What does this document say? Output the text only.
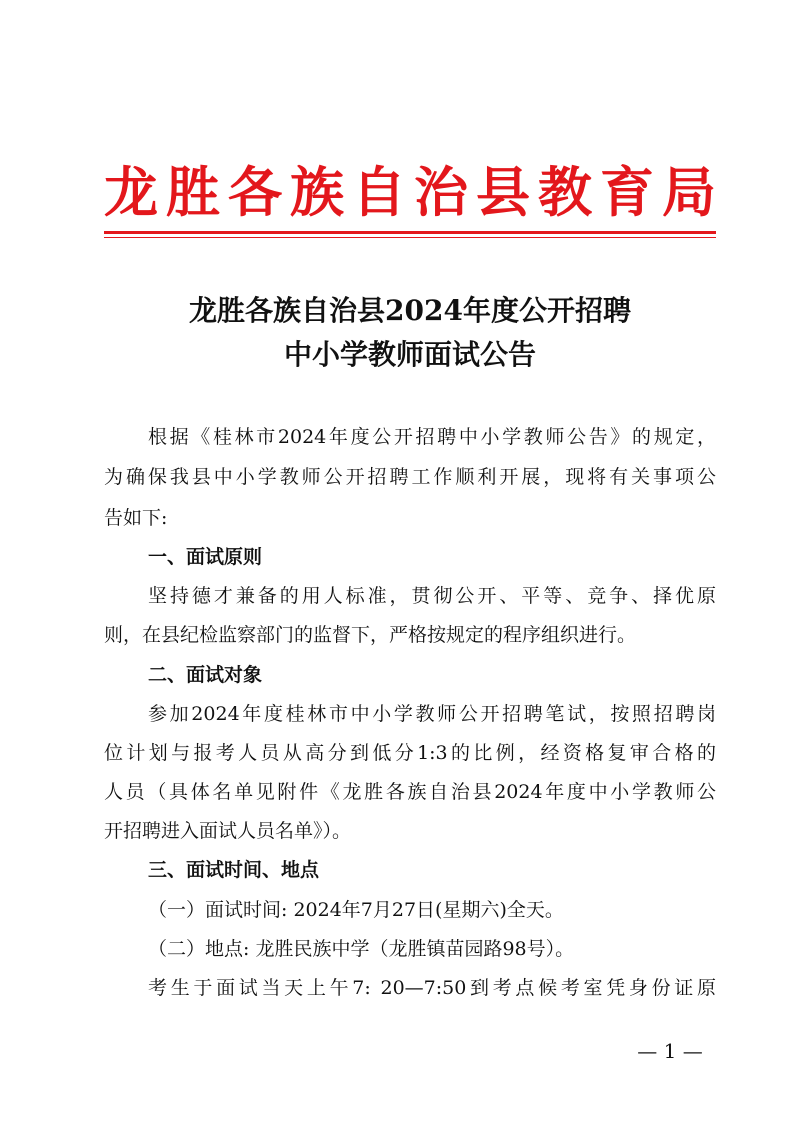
龙 胜 各 族 自 治 县 教 育 局
龙胜各族自治县2024年度公开招聘
中小学教师面试公告

根据《桂林市2024年度公开招聘中小学教师公告》的规定，

为确保我县中小学教师公开招聘工作顺利开展，现将有关事项公

告如下:

一、面试原则

坚持德才兼备的用人标准，贯彻公开、平等、竞争、择优原

则，在县纪检监察部门的监督下，严格按规定的程序组织进行。

二、面试对象

参加2024年度桂林市中小学教师公开招聘笔试，按照招聘岗

位计划与报考人员从高分到低分1:3的比例，经资格复审合格的

人员（具体名单见附件《龙胜各族自治县2024年度中小学教师公

开招聘进入面试人员名单》）。

三、面试时间、地点

（一）面试时间: 2024年7月27日(星期六)全天。

（二）地点: 龙胜民族中学（龙胜镇苗园路98号）。

考生于面试当天上午7: 20—7:50到考点候考室凭身份证原

— 1 —
